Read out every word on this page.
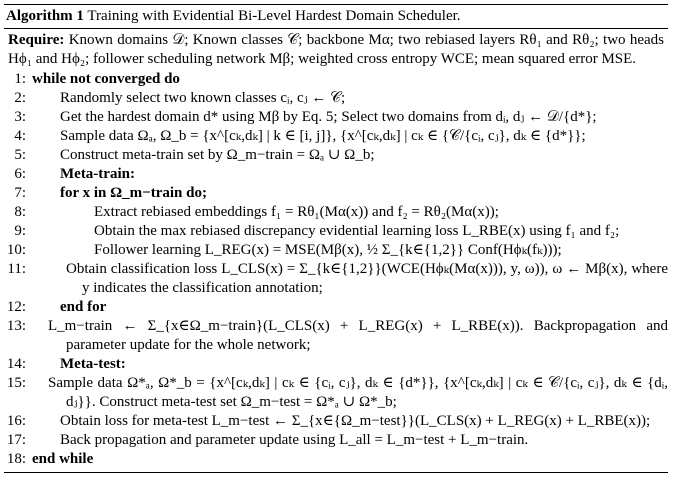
Algorithm 1 Training with Evidential Bi-Level Hardest Domain Scheduler.
Require: Known domains 𝒟; Known classes 𝒞; backbone Mα; two rebiased layers Rθ₁ and Rθ₂; two heads Hϕ₁ and Hϕ₂; follower scheduling network Mβ; weighted cross entropy WCE; mean squared error MSE.
1: while not converged do
2: Randomly select two known classes cᵢ, cⱼ ← 𝒞;
3: Get the hardest domain d* using Mβ by Eq. 5; Select two domains from dᵢ, dⱼ ← 𝒟/{d*};
4: Sample data Ωₐ, Ω_b = {x^[cₖ,dₖ] | k ∈ [i, j]}, {x^[cₖ,dₖ] | cₖ ∈ {𝒞/{cᵢ, cⱼ}, dₖ ∈ {d*}};
5: Construct meta-train set by Ω_m−train = Ωₐ ∪ Ω_b;
6: Meta-train:
7: for x in Ω_m−train do;
8:	Extract rebiased embeddings f₁ = Rθ₁(Mα(x)) and f₂ = Rθ₂(Mα(x));
9:	Obtain the max rebiased discrepancy evidential learning loss L_RBE(x) using f₁ and f₂;
10:	Follower learning L_REG(x) = MSE(Mβ(x), ½ Σ_{k∈{1,2}} Conf(Hϕₖ(fₖ)));
11:	Obtain classification loss L_CLS(x) = Σ_{k∈{1,2}}(WCE(Hϕₖ(Mα(x))), y, ω)), ω ← Mβ(x), where y indicates the classification annotation;
12: end for
13: L_m−train ← Σ_{x∈Ω_m−train}(L_CLS(x) + L_REG(x) + L_RBE(x)). Backpropagation and parameter update for the whole network;
14: Meta-test:
15: Sample data Ω*ₐ, Ω*_b = {x^[cₖ,dₖ] | cₖ ∈ {cᵢ, cⱼ}, dₖ ∈ {d*}}, {x^[cₖ,dₖ] | cₖ ∈ 𝒞/{cᵢ, cⱼ}, dₖ ∈ {dᵢ, dⱼ}}. Construct meta-test set Ω_m−test = Ω*ₐ ∪ Ω*_b;
16: Obtain loss for meta-test L_m−test ← Σ_{x∈{Ω_m−test}}(L_CLS(x) + L_REG(x) + L_RBE(x));
17: Back propagation and parameter update using L_all = L_m−test + L_m−train.
18: end while
